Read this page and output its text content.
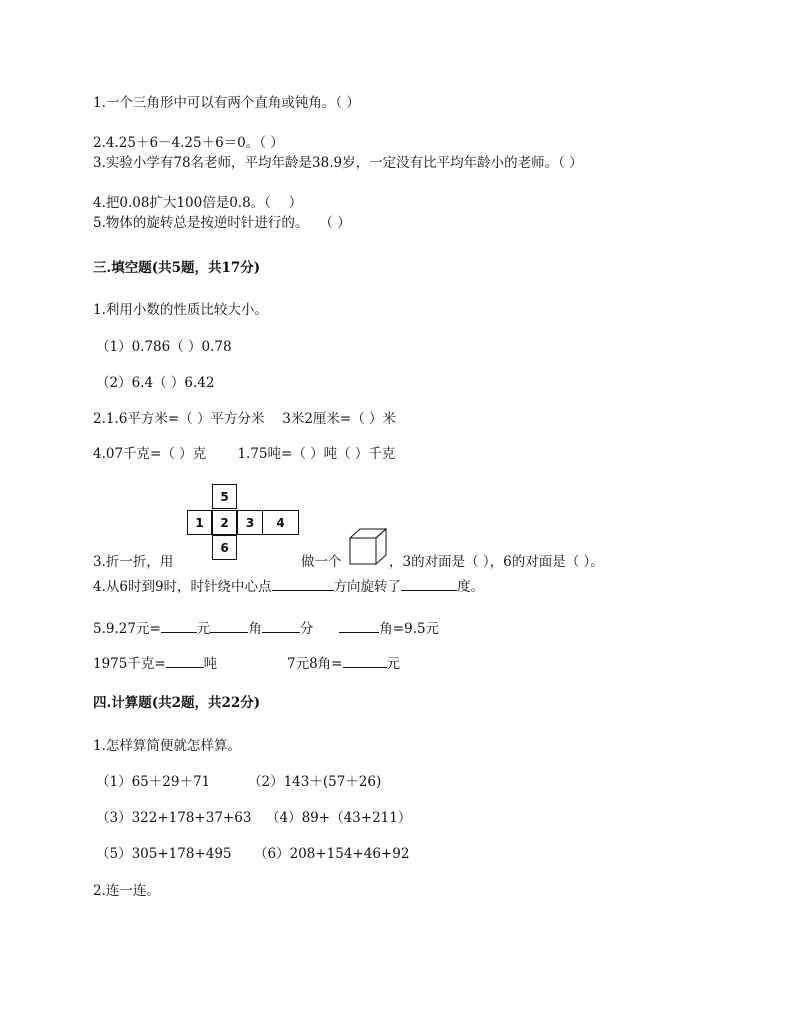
1.一个三角形中可以有两个直角或钝角。（ ）
2.4.25＋6－4.25＋6＝0。（ ）
3.实验小学有78名老师，平均年龄是38.9岁，一定没有比平均年龄小的老师。（ ）
4.把0.08扩大100倍是0.8。（　 ）
5.物体的旋转总是按逆时针进行的。　 （ ）
三.填空题(共5题，共17分)
1.利用小数的性质比较大小。
（1）0.786（ ）0.78
（2）6.4（ ）6.42
2.1.6平方米=（ ）平方分米　 3米2厘米=（ ）米
4.07千克=（ ）克　　 1.75吨=（ ）吨（ ）千克
5
1	2	3	4
6
3.折一折，用	做一个	，3的对面是（ ），6的对面是（ ）。
4.从6时到9时，时针绕中心点	方向旋转了	度。
5.9.27元=	元	角	分	角=9.5元
1975千克=	吨	7元8角=	元
四.计算题(共2题，共22分)
1.怎样算简便就怎样算。
（1）65＋29＋71	（2）143＋(57＋26)
（3）322+178+37+63 （4）89+（43+211）
（5）305+178+495 （6）208+154+46+92
2.连一连。
